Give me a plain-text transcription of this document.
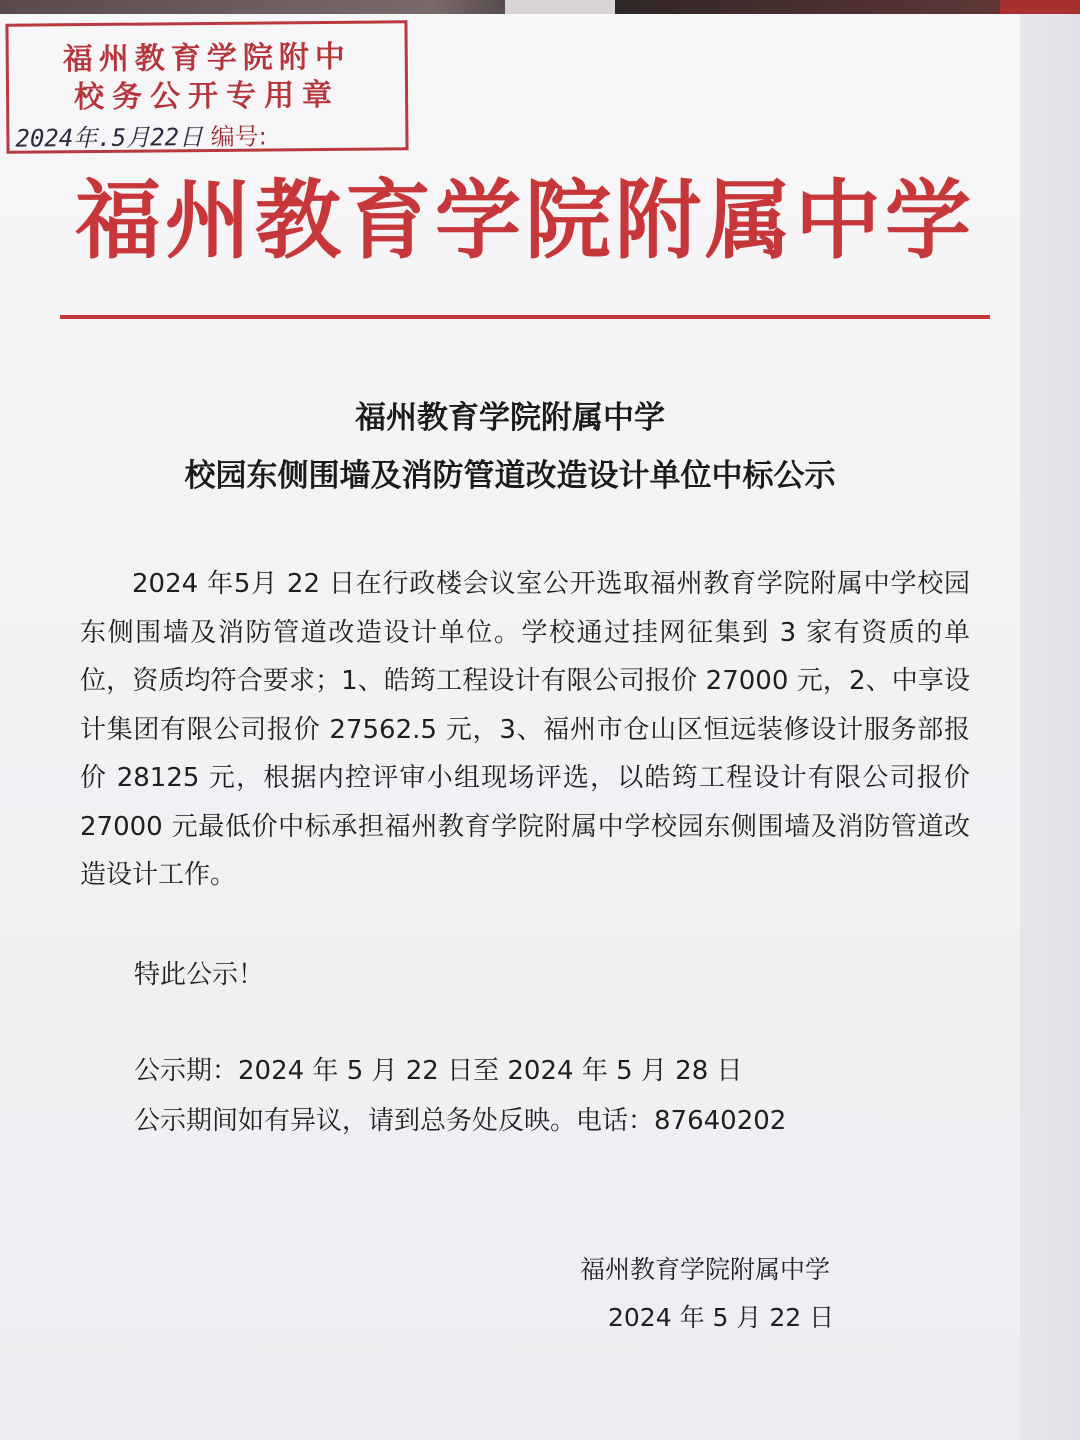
福州教育学院附中
校务公开专用章
2024年.5月22日 编号:
福州教育学院附属中学
福州教育学院附属中学
校园东侧围墙及消防管道改造设计单位中标公示
2024 年5月 22 日在行政楼会议室公开选取福州教育学院附属中学校园东侧围墙及消防管道改造设计单位。学校通过挂网征集到 3 家有资质的单位，资质均符合要求；1、皓筠工程设计有限公司报价 27000 元，2、中享设计集团有限公司报价 27562.5 元，3、福州市仓山区恒远装修设计服务部报价 28125 元，根据内控评审小组现场评选，以皓筠工程设计有限公司报价 27000 元最低价中标承担福州教育学院附属中学校园东侧围墙及消防管道改造设计工作。
特此公示！
公示期：2024 年 5 月 22 日至 2024 年 5 月 28 日
公示期间如有异议，请到总务处反映。电话：87640202
福州教育学院附属中学
2024 年 5 月 22 日
